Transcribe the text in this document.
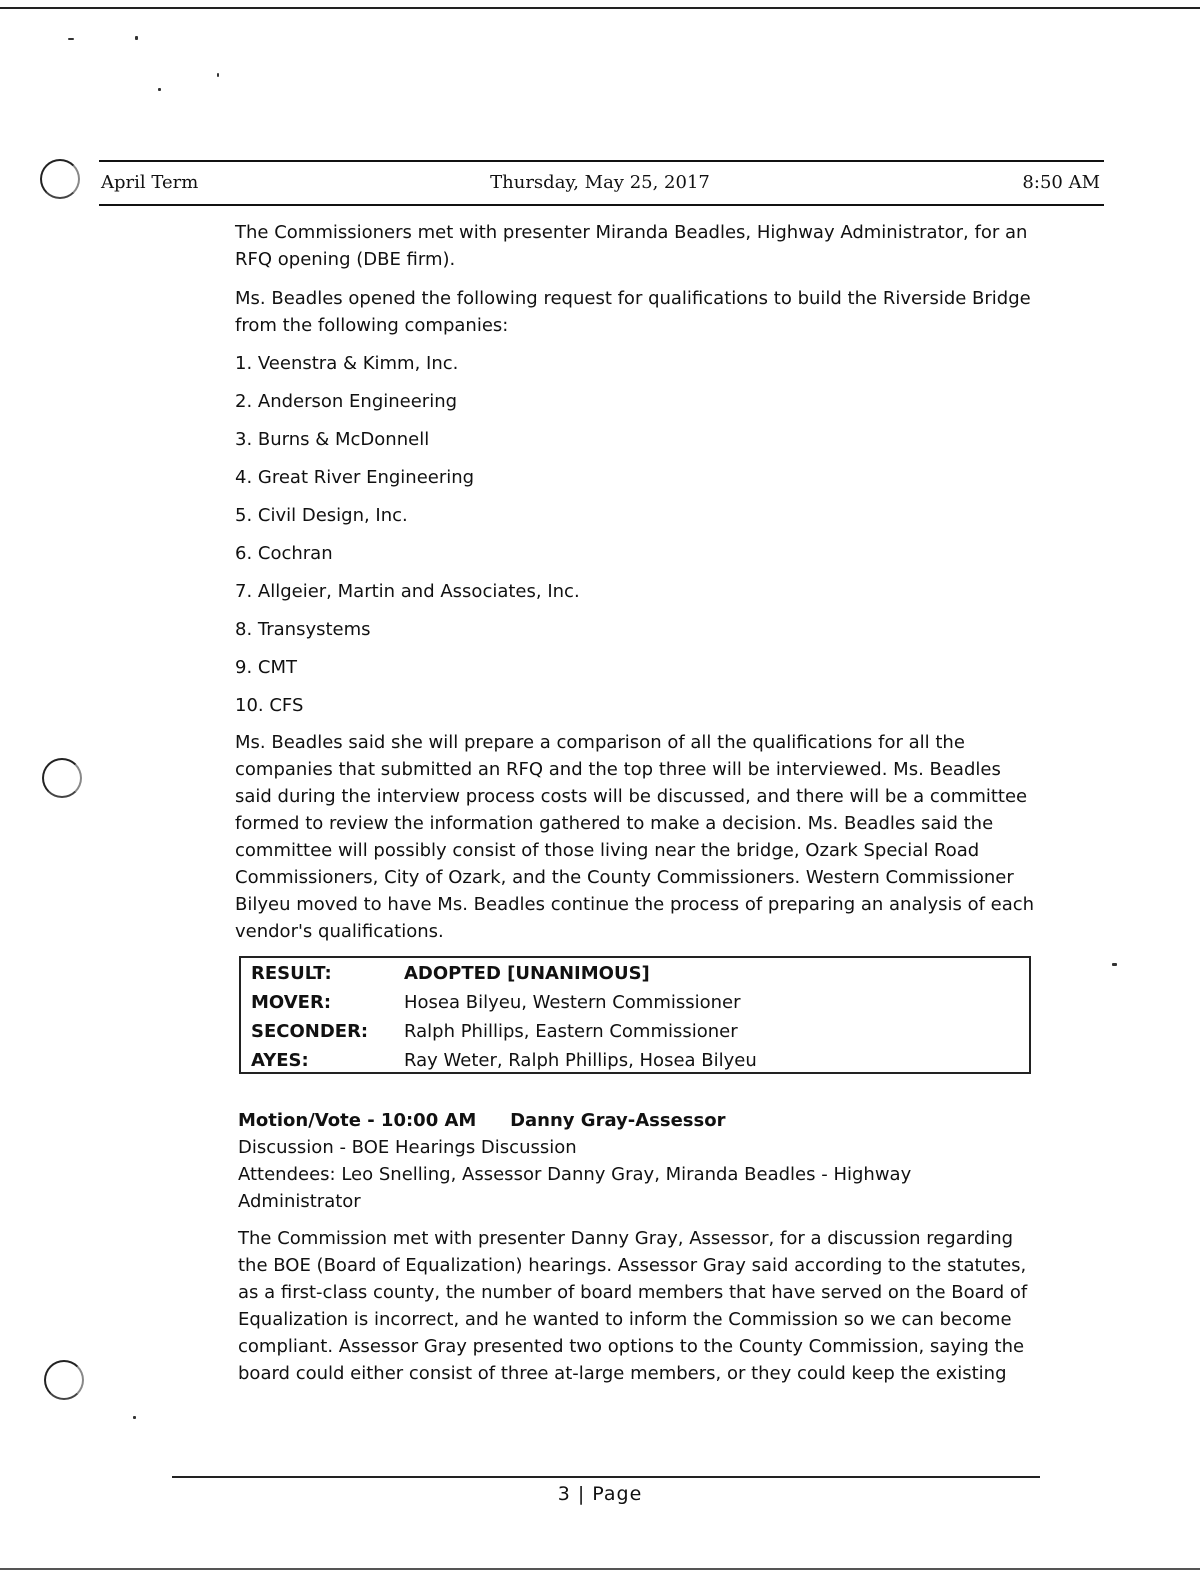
April Term	Thursday, May 25, 2017	8:50 AM

The Commissioners met with presenter Miranda Beadles, Highway Administrator, for an RFQ opening (DBE firm).

Ms. Beadles opened the following request for qualifications to build the Riverside Bridge from the following companies:

1. Veenstra & Kimm, Inc.
2. Anderson Engineering
3. Burns & McDonnell
4. Great River Engineering
5. Civil Design, Inc.
6. Cochran
7. Allgeier, Martin and Associates, Inc.
8. Transystems
9. CMT
10. CFS

Ms. Beadles said she will prepare a comparison of all the qualifications for all the companies that submitted an RFQ and the top three will be interviewed. Ms. Beadles said during the interview process costs will be discussed, and there will be a committee formed to review the information gathered to make a decision. Ms. Beadles said the committee will possibly consist of those living near the bridge, Ozark Special Road Commissioners, City of Ozark, and the County Commissioners. Western Commissioner Bilyeu moved to have Ms. Beadles continue the process of preparing an analysis of each vendor's qualifications.

RESULT:	ADOPTED [UNANIMOUS]
MOVER:	Hosea Bilyeu, Western Commissioner
SECONDER: Ralph Phillips, Eastern Commissioner
AYES:	Ray Weter, Ralph Phillips, Hosea Bilyeu
Motion/Vote - 10:00 AM Danny Gray-Assessor
Discussion - BOE Hearings Discussion
Attendees: Leo Snelling, Assessor Danny Gray, Miranda Beadles - Highway Administrator

The Commission met with presenter Danny Gray, Assessor, for a discussion regarding the BOE (Board of Equalization) hearings. Assessor Gray said according to the statutes, as a first-class county, the number of board members that have served on the Board of Equalization is incorrect, and he wanted to inform the Commission so we can become compliant. Assessor Gray presented two options to the County Commission, saying the board could either consist of three at-large members, or they could keep the existing

3 | Page
